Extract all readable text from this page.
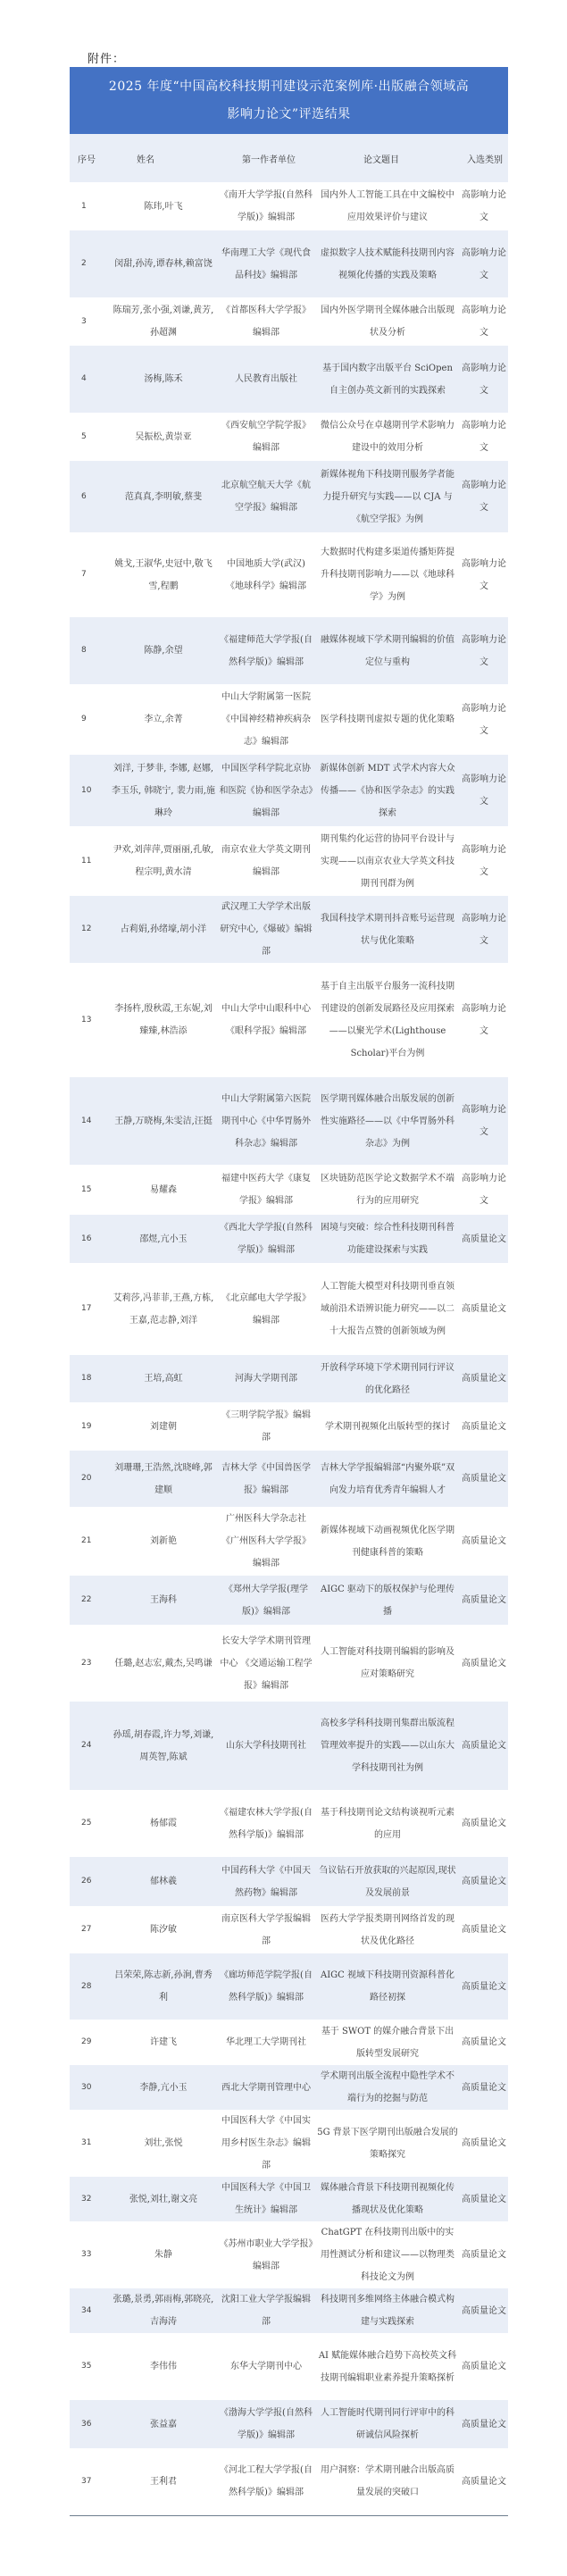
附件：
2025 年度“中国高校科技期刊建设示范案例库·出版融合领域高
影响力论文”评选结果
序号	姓名	第一作者单位	论文题目	入选类别
1	陈玮,叶飞	《南开大学学报(自然科学版)》编辑部	国内外人工智能工具在中文编校中应用效果评价与建议	高影响力论文
2	闵甜,孙涛,谭春林,赖富饶	华南理工大学《现代食品科技》编辑部	虚拟数字人技术赋能科技期刊内容视频化传播的实践及策略	高影响力论文
3	陈瑞芳,张小强,刘谦,黄芳,孙超渊	《首都医科大学学报》编辑部	国内外医学期刊全媒体融合出版现状及分析	高影响力论文
4	汤梅,陈禾	人民教育出版社	基于国内数字出版平台 SciOpen 自主创办英文新刊的实践探索	高影响力论文
5	吴振松,黄崇亚	《西安航空学院学报》编辑部	微信公众号在卓越期刊学术影响力建设中的效用分析	高影响力论文
6	范真真,李明敏,蔡斐	北京航空航天大学《航空学报》编辑部	新媒体视角下科技期刊服务学者能力提升研究与实践——以 CJA 与《航空学报》为例	高影响力论文
7	姚戈,王淑华,史冠中,敬飞雪,程鹏	中国地质大学(武汉)《地球科学》编辑部	大数据时代构建多渠道传播矩阵提升科技期刊影响力——以《地球科学》为例	高影响力论文
8	陈静,余望	《福建师范大学学报(自然科学版)》编辑部	融媒体视域下学术期刊编辑的价值定位与重构	高影响力论文
9	李立,余菁	中山大学附属第一医院《中国神经精神疾病杂志》编辑部	医学科技期刊虚拟专题的优化策略	高影响力论文
10	刘洋, 于梦非, 李娜, 赵娜, 李玉乐, 韩晓宁, 裴力雨,施琳玲	中国医学科学院北京协和医院《协和医学杂志》编辑部	新媒体创新 MDT 式学术内容大众传播——《协和医学杂志》的实践探索	高影响力论文
11	尹欢,刘萍萍,贾丽丽,孔敏,程宗明,黄水清	南京农业大学英文期刊编辑部	期刊集约化运营的协同平台设计与实现——以南京农业大学英文科技期刊刊群为例	高影响力论文
12	占莉娟,孙绪壕,胡小洋	武汉理工大学学术出版研究中心,《爆破》编辑部	我国科技学术期刊抖音账号运营现状与优化策略	高影响力论文
13	李扬杵,殷秋霞,王东妮,刘臻臻,林浩添	中山大学中山眼科中心《眼科学报》编辑部	基于自主出版平台服务一流科技期刊建设的创新发展路径及应用探索——以聚光学术(Lighthouse Scholar)平台为例	高影响力论文
14	王静,万晓梅,朱雯洁,汪挺	中山大学附属第六医院期刊中心《中华胃肠外科杂志》编辑部	医学期刊媒体融合出版发展的创新性实施路径——以《中华胃肠外科杂志》为例	高影响力论文
15	易耀森	福建中医药大学《康复学报》编辑部	区块链防范医学论文数据学术不端行为的应用研究	高影响力论文
16	邵煜,亢小玉	《西北大学学报(自然科学版)》编辑部	困境与突破：综合性科技期刊科普功能建设探索与实践	高质量论文
17	艾莉莎,冯菲菲,王燕,方栋,王嘉,范志静,刘洋	《北京邮电大学学报》编辑部	人工智能大模型对科技期刊垂直领域前沿术语辨识能力研究——以二十大报告点赞的创新领域为例	高质量论文
18	王培,高虹	河海大学期刊部	开放科学环境下学术期刊同行评议的优化路径	高质量论文
19	刘建朝	《三明学院学报》编辑部	学术期刊视频化出版转型的探讨	高质量论文
20	刘珊珊,王浩然,沈晓峰,郭建顺	吉林大学《中国兽医学报》编辑部	吉林大学学报编辑部“内聚外联”双向发力培育优秀青年编辑人才	高质量论文
21	刘新艳	广州医科大学杂志社《广州医科大学学报》编辑部	新媒体视域下动画视频优化医学期刊健康科普的策略	高质量论文
22	王海科	《郑州大学学报(理学版)》编辑部	AIGC 驱动下的版权保护与伦理传播	高质量论文
23	任璐,赵志宏,戴杰,吴鸣谦	长安大学学术期刊管理中心 《交通运输工程学报》编辑部	人工智能对科技期刊编辑的影响及应对策略研究	高质量论文
24	孙瑶,胡春霞,许力琴,刘谦,周英智,陈斌	山东大学科技期刊社	高校多学科科技期刊集群出版流程管理效率提升的实践——以山东大学科技期刊社为例	高质量论文
25	杨郁霞	《福建农林大学学报(自然科学版)》编辑部	基于科技期刊论文结构谈视听元素的应用	高质量论文
26	郁林羲	中国药科大学《中国天然药物》编辑部	刍议钻石开放获取的兴起原因,现状及发展前景	高质量论文
27	陈汐敏	南京医科大学学报编辑部	医药大学学报类期刊网络首发的现状及优化路径	高质量论文
28	吕荣荣,陈志新,孙涧,曹秀利	《廊坊师范学院学报(自然科学版)》编辑部	AIGC 视域下科技期刊资源科普化路径初探	高质量论文
29	许建飞	华北理工大学期刊社	基于 SWOT 的媒介融合背景下出版转型发展研究	高质量论文
30	李静,亢小玉	西北大学期刊管理中心	学术期刊出版全流程中隐性学术不端行为的挖掘与防范	高质量论文
31	刘壮,张悦	中国医科大学《中国实用乡村医生杂志》编辑部	5G 背景下医学期刊出版融合发展的策略探究	高质量论文
32	张悦,刘壮,谢文亮	中国医科大学《中国卫生统计》编辑部	媒体融合背景下科技期刊视频化传播现状及优化策略	高质量论文
33	朱静	《苏州市职业大学学报》编辑部	ChatGPT 在科技期刊出版中的实用性测试分析和建议——以物理类科技论文为例	高质量论文
34	张璐,景勇,郭雨梅,郭晓亮,吉海涛	沈阳工业大学学报编辑部	科技期刊多维网络主体融合模式构建与实践探索	高质量论文
35	李伟伟	东华大学期刊中心	AI 赋能媒体融合趋势下高校英文科技期刊编辑职业素养提升策略探析	高质量论文
36	张益嘉	《渤海大学学报(自然科学版)》编辑部	人工智能时代期刊同行评审中的科研诚信风险探析	高质量论文
37	王利君	《河北工程大学学报(自然科学版)》编辑部	用户洞察：学术期刊融合出版高质量发展的突破口	高质量论文
